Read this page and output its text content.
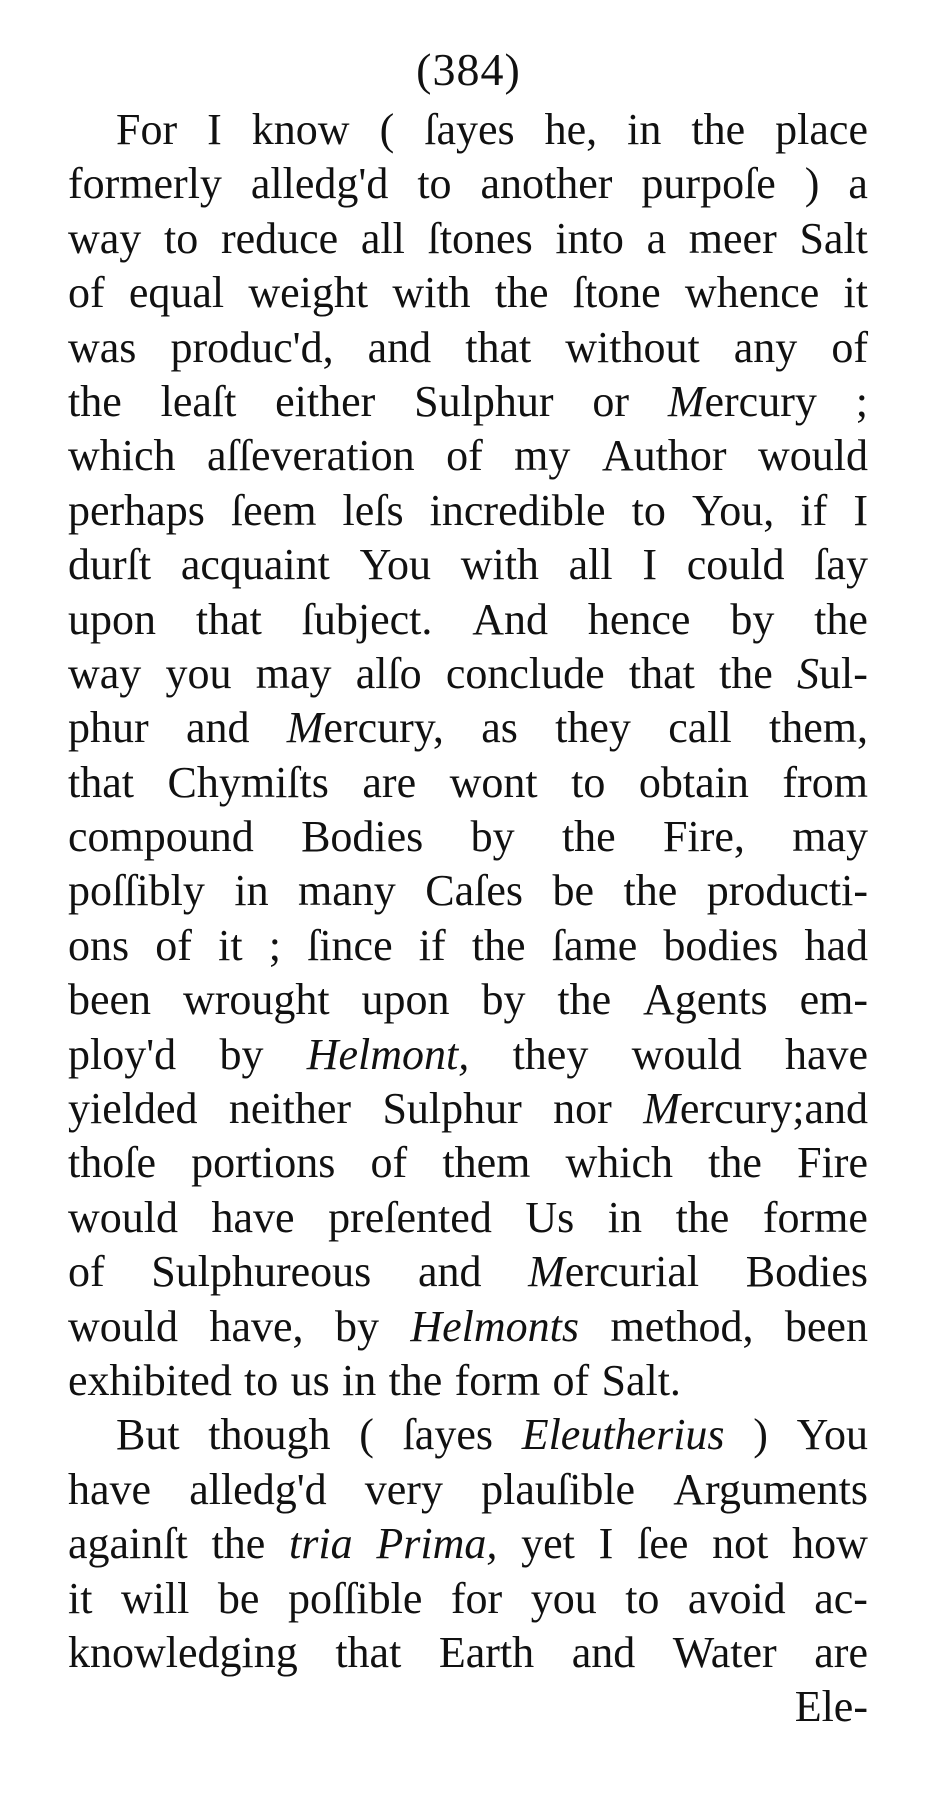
(384)
For I know ( ſayes he, in the place
formerly alledg'd to another purpoſe ) a
way to reduce all ſtones into a meer Salt
of equal weight with the ſtone whence it
was produc'd, and that without any of
the leaſt either Sulphur or Mercury ;
which aſſeveration of my Author would
perhaps ſeem leſs incredible to You, if I
durſt acquaint You with all I could ſay
upon that ſubject. And hence by the
way you may alſo conclude that the Sul-
phur and Mercury, as they call them,
that Chymiſts are wont to obtain from
compound Bodies by the Fire, may
poſſibly in many Caſes be the producti-
ons of it ; ſince if the ſame bodies had
been wrought upon by the Agents em-
ploy'd by Helmont, they would have
yielded neither Sulphur nor Mercury;and
thoſe portions of them which the Fire
would have preſented Us in the forme
of Sulphureous and Mercurial Bodies
would have, by Helmonts method, been
exhibited to us in the form of Salt.
But though ( ſayes Eleutherius ) You
have alledg'd very plauſible Arguments
againſt the tria Prima, yet I ſee not how
it will be poſſible for you to avoid ac-
knowledging that Earth and Water are
Ele-
